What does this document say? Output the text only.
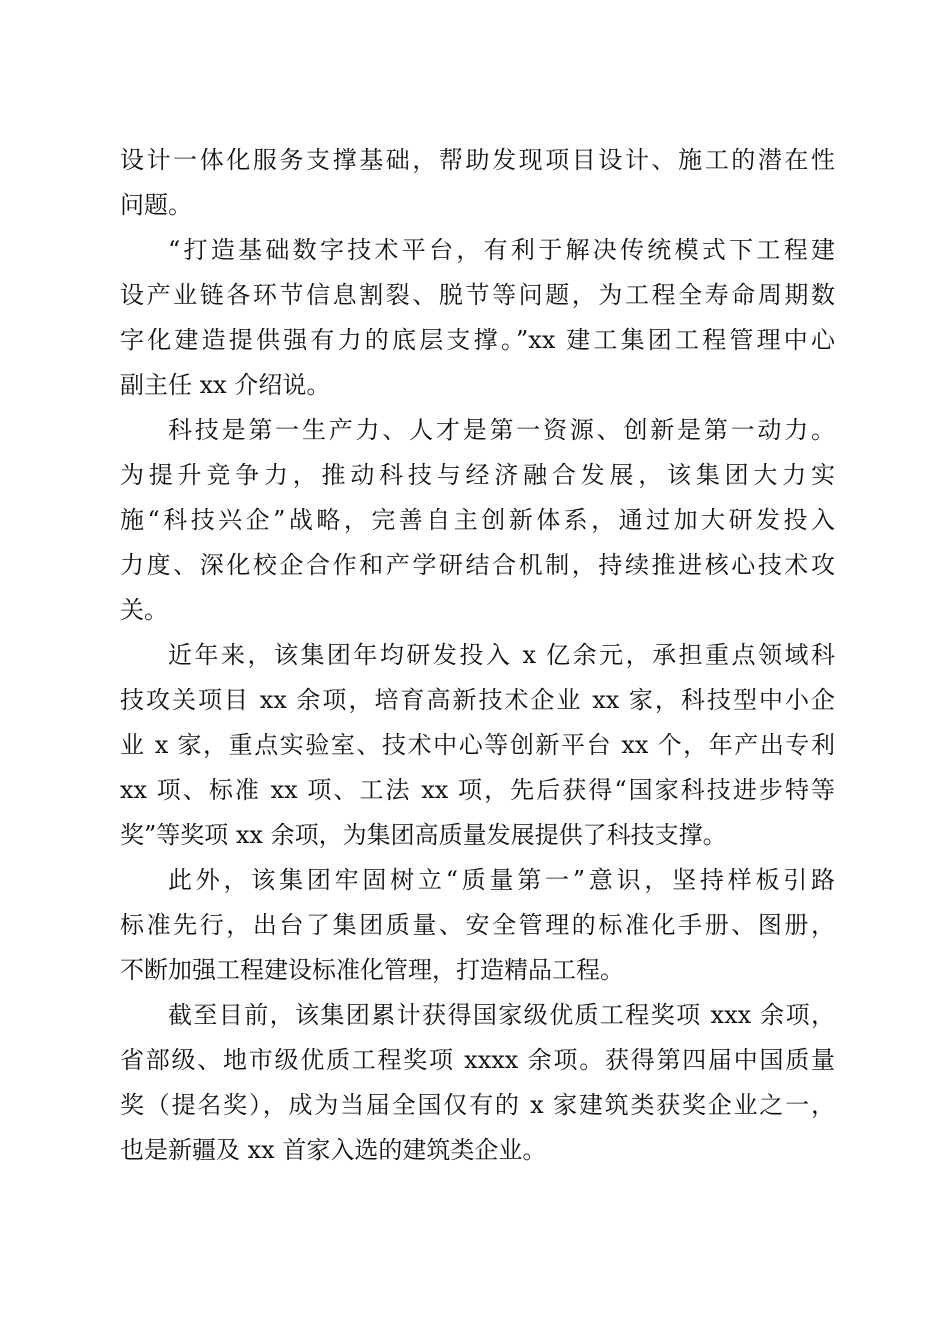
设计一体化服务支撑基础，帮助发现项目设计、施工的潜在性
问题。
“打造基础数字技术平台，有利于解决传统模式下工程建
设产业链各环节信息割裂、脱节等问题，为工程全寿命周期数
字化建造提供强有力的底层支撑。”xx 建工集团工程管理中心
副主任 xx 介绍说。
科技是第一生产力、人才是第一资源、创新是第一动力。
为提升竞争力，推动科技与经济融合发展，该集团大力实
施“科技兴企”战略，完善自主创新体系，通过加大研发投入
力度、深化校企合作和产学研结合机制，持续推进核心技术攻
关。
近年来，该集团年均研发投入 x 亿余元，承担重点领域科
技攻关项目 xx 余项，培育高新技术企业 xx 家，科技型中小企
业 x 家，重点实验室、技术中心等创新平台 xx 个，年产出专利
xx 项、标准 xx 项、工法 xx 项，先后获得“国家科技进步特等
奖”等奖项 xx 余项，为集团高质量发展提供了科技支撑。
此外，该集团牢固树立“质量第一”意识，坚持样板引路
标准先行，出台了集团质量、安全管理的标准化手册、图册，
不断加强工程建设标准化管理，打造精品工程。
截至目前，该集团累计获得国家级优质工程奖项 xxx 余项，
省部级、地市级优质工程奖项 xxxx 余项。获得第四届中国质量
奖（提名奖），成为当届全国仅有的 x 家建筑类获奖企业之一，
也是新疆及 xx 首家入选的建筑类企业。
